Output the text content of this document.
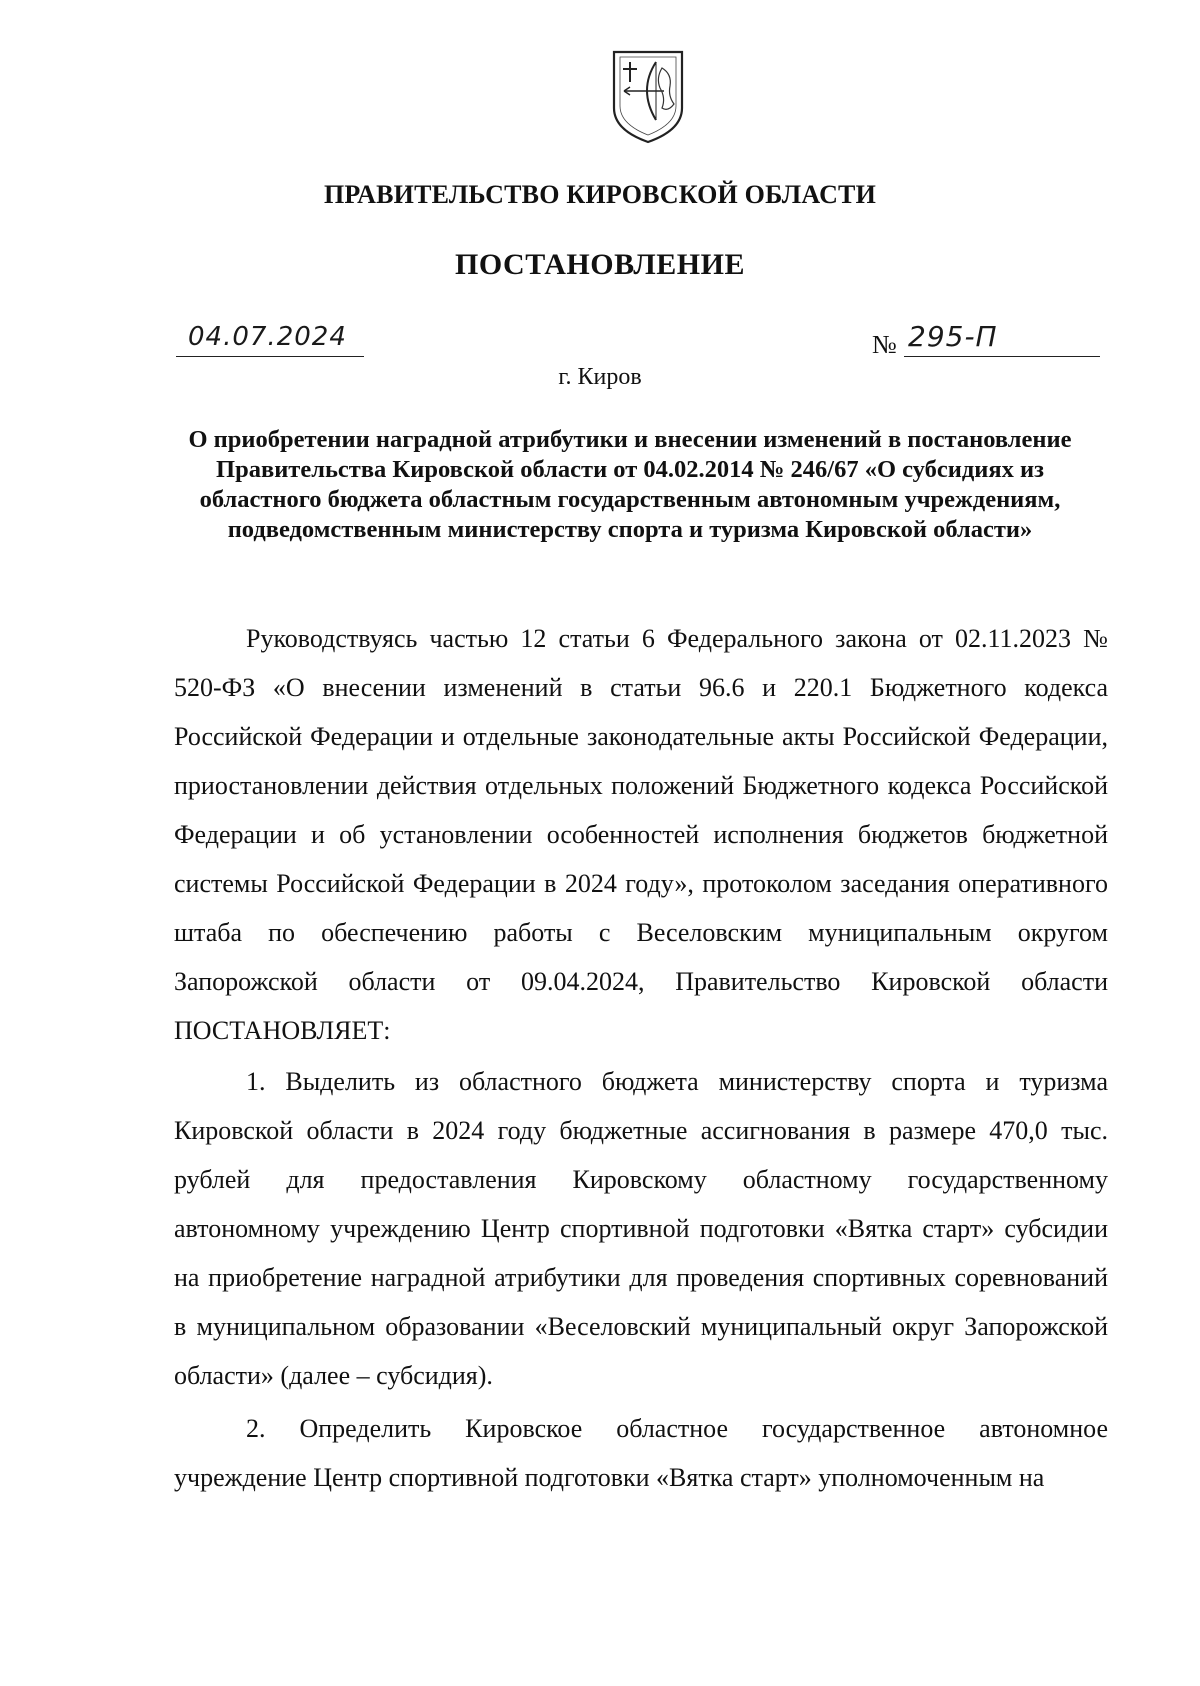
ПРАВИТЕЛЬСТВО КИРОВСКОЙ ОБЛАСТИ
ПОСТАНОВЛЕНИЕ
04.07.2024	№ 295-П
г. Киров
О приобретении наградной атрибутики и внесении изменений в постановление Правительства Кировской области от 04.02.2014 № 246/67 «О субсидиях из областного бюджета областным государственным автономным учреждениям, подведомственным министерству спорта и туризма Кировской области»

Руководствуясь частью 12 статьи 6 Федерального закона от 02.11.2023 № 520-ФЗ «О внесении изменений в статьи 96.6 и 220.1 Бюджетного кодекса Российской Федерации и отдельные законодательные акты Российской Федерации, приостановлении действия отдельных положений Бюджетного кодекса Российской Федерации и об установлении особенностей исполнения бюджетов бюджетной системы Российской Федерации в 2024 году», протоколом заседания оперативного штаба по обеспечению работы с Веселовским муниципальным округом Запорожской области от 09.04.2024, Правительство Кировской области ПОСТАНОВЛЯЕТ:

1. Выделить из областного бюджета министерству спорта и туризма Кировской области в 2024 году бюджетные ассигнования в размере 470,0 тыс. рублей для предоставления Кировскому областному государственному автономному учреждению Центр спортивной подготовки «Вятка старт» субсидии на приобретение наградной атрибутики для проведения спортивных соревнований в муниципальном образовании «Веселовский муниципальный округ Запорожской области» (далее – субсидия).

2. Определить Кировское областное государственное автономное учреждение Центр спортивной подготовки «Вятка старт» уполномоченным на
